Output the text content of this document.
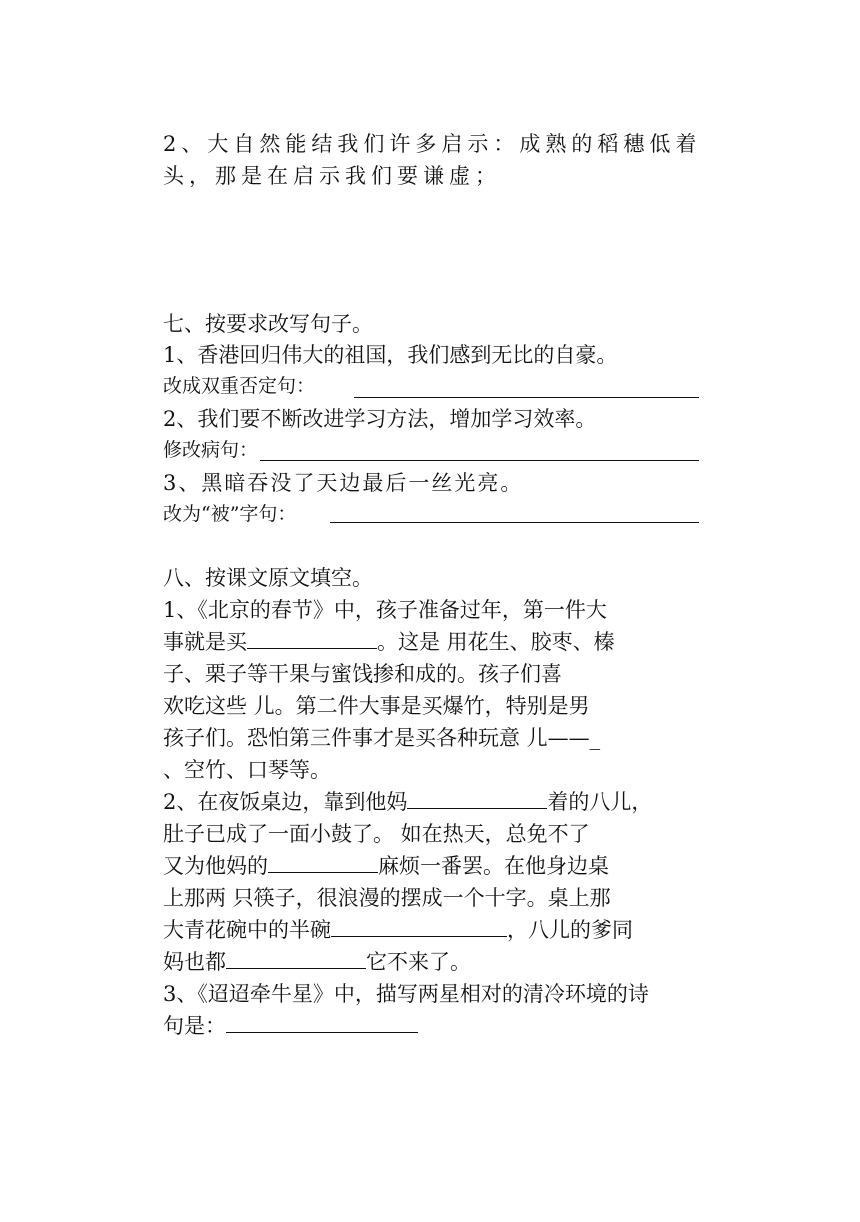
2、大自然能结我们许多启示：成熟的稻穗低着
头，那是在启示我们要谦虚；
七、按要求改写句子。
1、香港回归伟大的祖国，我们感到无比的自豪。
改成双重否定句：
2、我们要不断改进学习方法，增加学习效率。
修改病句：
3、黑暗吞没了天边最后一丝光亮。
改为“被”字句：
八、按课文原文填空。
1、《北京的春节》中，孩子准备过年，第一件大
事就是买	。这是 用花生、胶枣、榛
子、栗子等干果与蜜饯掺和成的。孩子们喜
欢吃这些 儿。第二件大事是买爆竹，特别是男
孩子们。恐怕第三件事才是买各种玩意 儿——_
、空竹、口琴等。
2、在夜饭桌边，靠到他妈	着的八儿，
肚子已成了一面小鼓了。 如在热天，总免不了
又为他妈的	麻烦一番罢。在他身边桌
上那两 只筷子，很浪漫的摆成一个十字。桌上那
大青花碗中的半碗	，八儿的爹同
妈也都	它不来了。
3、《迢迢牵牛星》中，描写两星相对的清冷环境的诗
句是：
